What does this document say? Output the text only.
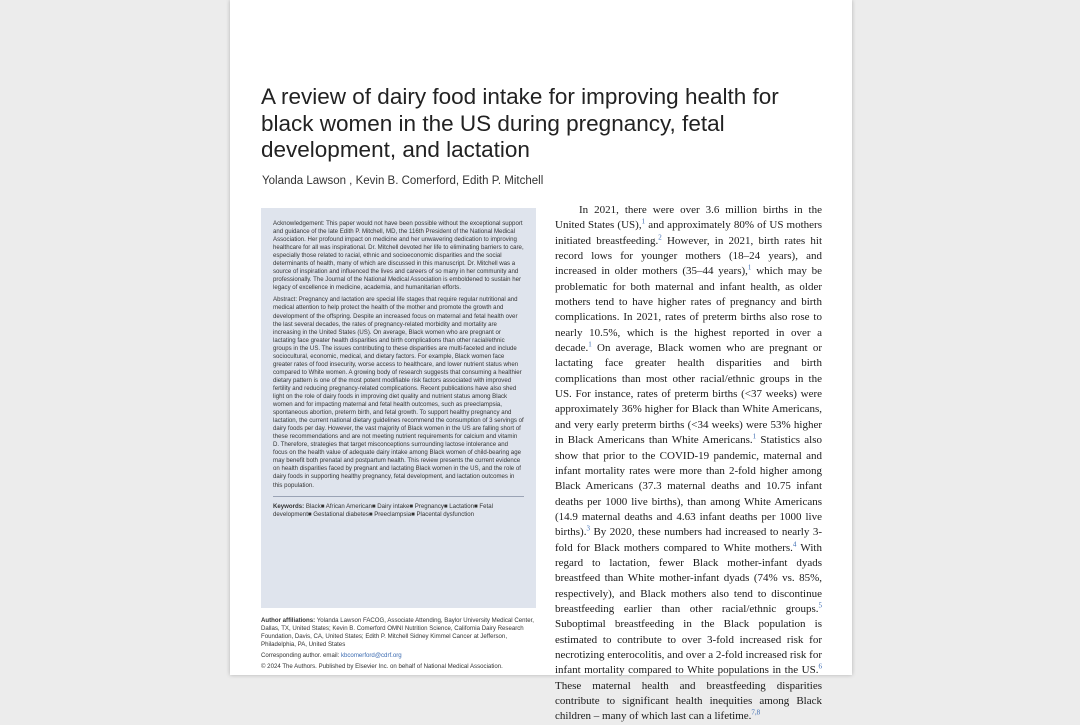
A review of dairy food intake for improving health for black women in the US during pregnancy, fetal development, and lactation
Yolanda Lawson , Kevin B. Comerford, Edith P. Mitchell

Acknowledgement: This paper would not have been possible without the exceptional support and guidance of the late Edith P. Mitchell, MD, the 116th President of the National Medical Association. Her profound impact on medicine and her unwavering dedication to improving healthcare for all was inspirational. Dr. Mitchell devoted her life to eliminating barriers to care, especially those related to racial, ethnic and socioeconomic disparities and the social determinants of health, many of which are discussed in this manuscript. Dr. Mitchell was a source of inspiration and influenced the lives and careers of so many in her community and professionally. The Journal of the National Medical Association is emboldened to sustain her legacy of excellence in medicine, academia, and humanitarian efforts.

Abstract: Pregnancy and lactation are special life stages that require regular nutritional and medical attention to help protect the health of the mother and promote the growth and development of the offspring. Despite an increased focus on maternal and fetal health over the last several decades, the rates of pregnancy-related morbidity and mortality are increasing in the United States (US). On average, Black women who are pregnant or lactating face greater health disparities and birth complications than other racial/ethnic groups in the US. The issues contributing to these disparities are multi-faceted and include sociocultural, economic, medical, and dietary factors. For example, Black women face greater rates of food insecurity, worse access to healthcare, and lower nutrient status when compared to White women. A growing body of research suggests that consuming a healthier dietary pattern is one of the most potent modifiable risk factors associated with improved fertility and reducing pregnancy-related complications. Recent publications have also shed light on the role of dairy foods in improving diet quality and nutrient status among Black women and for impacting maternal and fetal health outcomes, such as preeclampsia, spontaneous abortion, preterm birth, and fetal growth. To support healthy pregnancy and lactation, the current national dietary guidelines recommend the consumption of 3 servings of dairy foods per day. However, the vast majority of Black women in the US are falling short of these recommendations and are not meeting nutrient requirements for calcium and vitamin D. Therefore, strategies that target misconceptions surrounding lactose intolerance and focus on the health value of adequate dairy intake among Black women of child-bearing age may benefit both prenatal and postpartum health. This review presents the current evidence on health disparities faced by pregnant and lactating Black women in the US, and the role of dairy foods in supporting healthy pregnancy, fetal development, and lactation outcomes in this population.

Keywords: Black■ African American■ Dairy intake■ Pregnancy■ Lactation■ Fetal development■ Gestational diabetes■ Preeclampsia■ Placental dysfunction

Author affiliations: Yolanda Lawson FACOG, Associate Attending, Baylor University Medical Center, Dallas, TX, United States; Kevin B. Comerford OMNI Nutrition Science, California Dairy Research Foundation, Davis, CA, United States; Edith P. Mitchell Sidney Kimmel Cancer at Jefferson, Philadelphia, PA, United States

Corresponding author. email: kbcomerford@cdrf.org

© 2024 The Authors. Published by Elsevier Inc. on behalf of National Medical Association.

In 2021, there were over 3.6 million births in the United States (US),$^1$ and approximately 80% of US mothers initiated breastfeeding.$^2$ However, in 2021, birth rates hit record lows for younger mothers (18–24 years), and increased in older mothers (35–44 years),$^1$ which may be problematic for both maternal and infant health, as older mothers tend to have higher rates of pregnancy and birth complications. In 2021, rates of preterm births also rose to nearly 10.5%, which is the highest reported in over a decade.$^1$ On average, Black women who are pregnant or lactating face greater health disparities and birth complications than most other racial/ethnic groups in the US. For instance, rates of preterm births (<37 weeks) were approximately 36% higher for Black than White Americans, and very early preterm births (<34 weeks) were 53% higher in Black Americans than White Americans.$^1$ Statistics also show that prior to the COVID-19 pandemic, maternal and infant mortality rates were more than 2-fold higher among Black Americans (37.3 maternal deaths and 10.75 infant deaths per 1000 live births), than among White Americans (14.9 maternal deaths and 4.63 infant deaths per 1000 live births).$^3$ By 2020, these numbers had increased to nearly 3-fold for Black mothers compared to White mothers.$^4$ With regard to lactation, fewer Black mother-infant dyads breastfeed than White mother-infant dyads (74% vs. 85%, respectively), and Black mothers also tend to discontinue breastfeeding earlier than other racial/ethnic groups.$^5$ Suboptimal breastfeeding in the Black population is estimated to contribute to over 3-fold increased risk for necrotizing enterocolitis, and over a 2-fold increased risk for infant mortality compared to White populations in the US.$^6$ These maternal health and breastfeeding disparities contribute to significant health inequities among Black children – many of which last can a lifetime.$^{7,8}$
